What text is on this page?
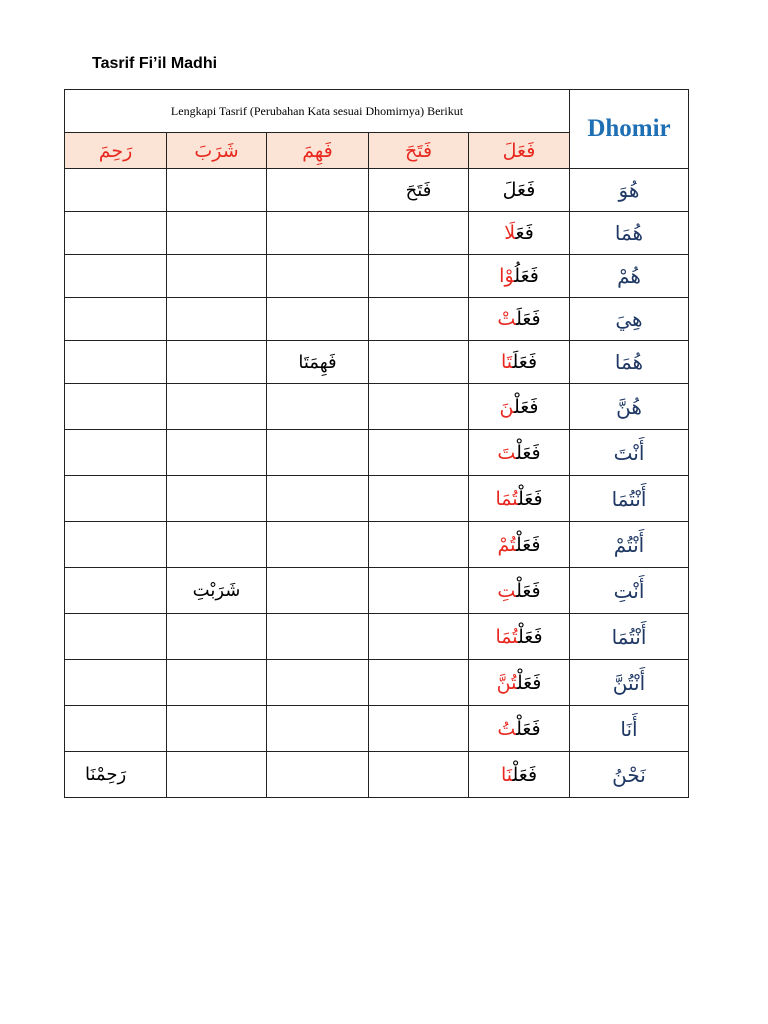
Tasrif Fi’il Madhi
Lengkapi Tasrif (Perubahan Kata sesuai Dhomirnya) Berikut					Dhomir
رَحِمَ	شَرَبَ	فَهِمَ	فَتَحَ	فَعَلَ	
			فَتَحَ	فَعَلَ	هُوَ
				فَعَلَا	هُمَا
				فَعَلُوْا	هُمْ
				فَعَلَتْ	هِيَ
		فَهِمَتَا		فَعَلَتَا	هُمَا
				فَعَلْنَ	هُنَّ
				فَعَلْتَ	أَنْتَ
				فَعَلْتُمَا	أَنْتُمَا
				فَعَلْتُمْ	أَنْتُمْ
	شَرَبْتِ			فَعَلْتِ	أَنْتِ
				فَعَلْتُمَا	أَنْتُمَا
				فَعَلْتُنَّ	أَنْتُنَّ
				فَعَلْتُ	أَنَا
رَحِمْنَا				فَعَلْنَا	نَحْنُ
